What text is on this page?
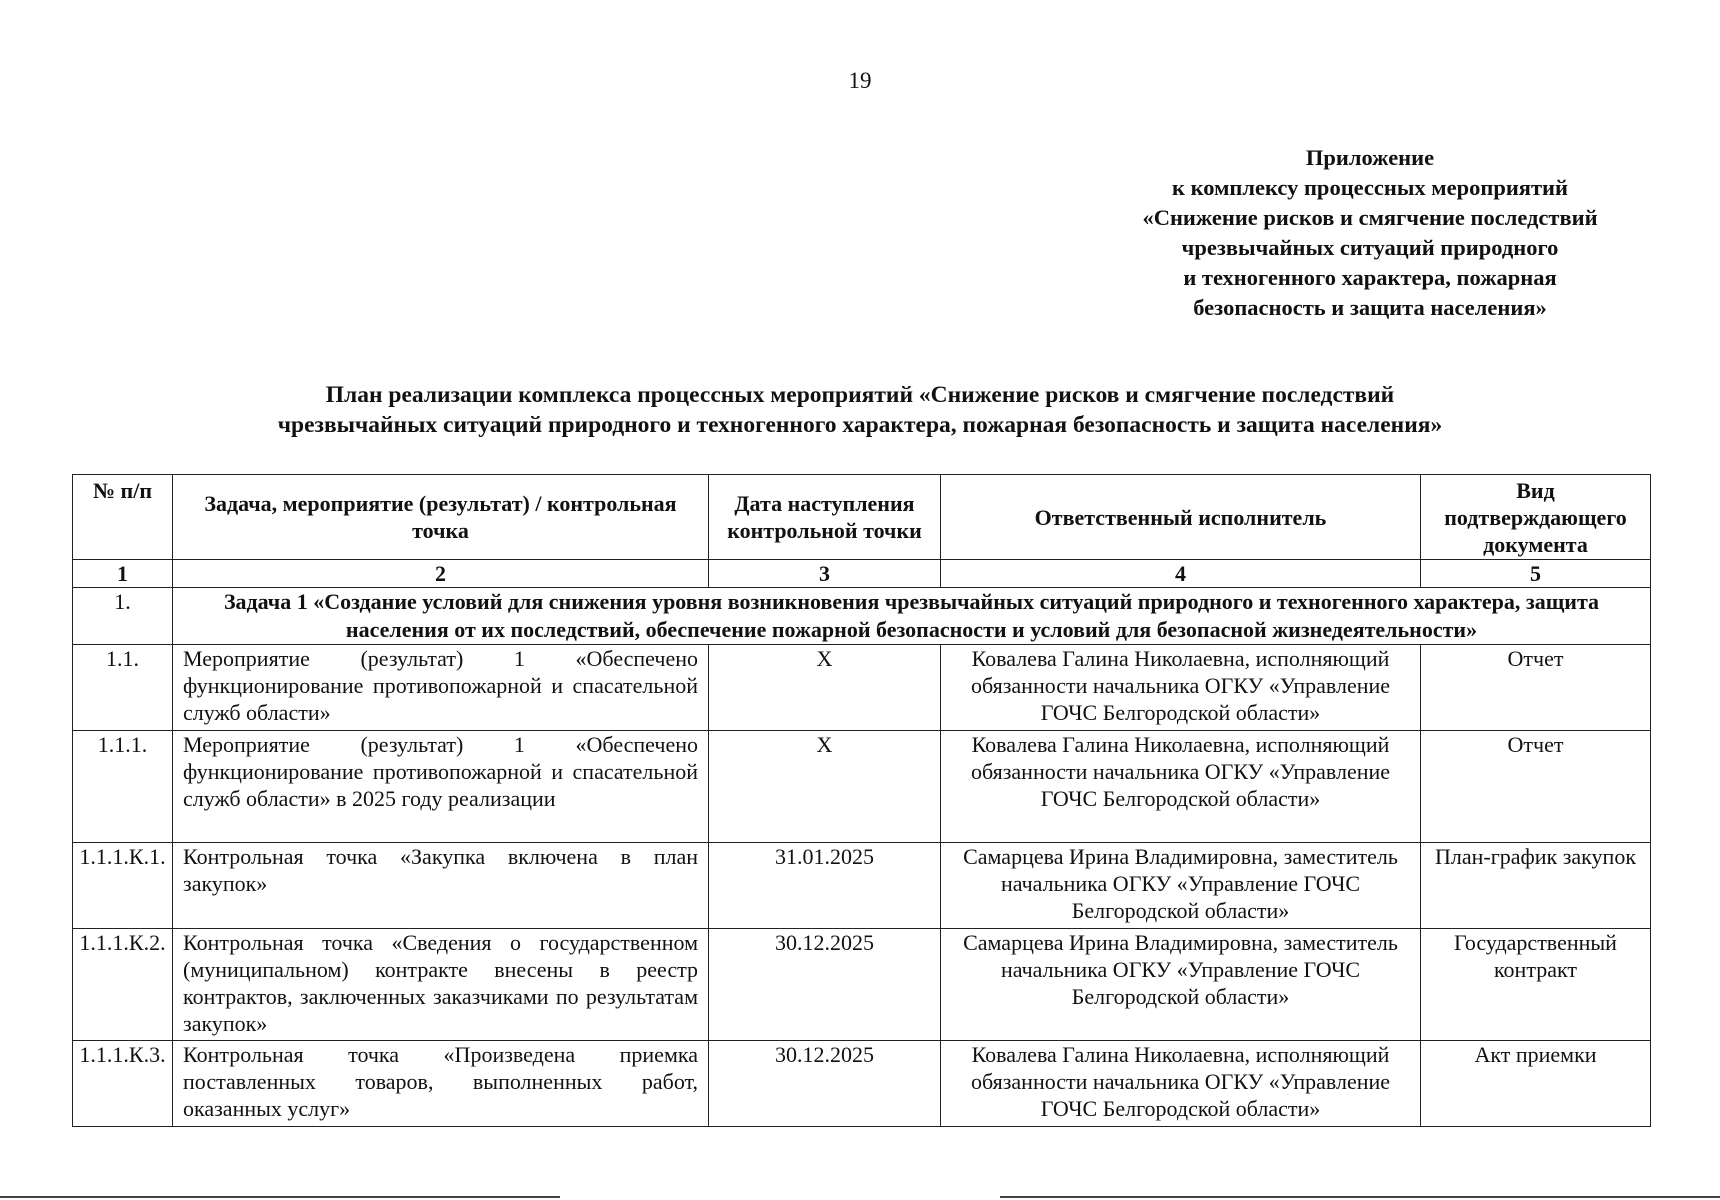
19
Приложение
к комплексу процессных мероприятий
«Снижение рисков и смягчение последствий
чрезвычайных ситуаций природного
и техногенного характера, пожарная
безопасность и защита населения»
План реализации комплекса процессных мероприятий «Снижение рисков и смягчение последствий
чрезвычайных ситуаций природного и техногенного характера, пожарная безопасность и защита населения»
№ п/п	Задача, мероприятие (результат) / контрольная точка	Дата наступления контрольной точки	Ответственный исполнитель	Вид подтверждающего документа
1	2	3	4	5
1.	Задача 1 «Создание условий для снижения уровня возникновения чрезвычайных ситуаций природного и техногенного характера, защита населения от их последствий, обеспечение пожарной безопасности и условий для безопасной жизнедеятельности»			
1.1.	Мероприятие (результат) 1 «Обеспечено функционирование противопожарной и спасательной служб области»	Х	Ковалева Галина Николаевна, исполняющий обязанности начальника ОГКУ «Управление ГОЧС Белгородской области»	Отчет
1.1.1.	Мероприятие (результат) 1 «Обеспечено функционирование противопожарной и спасательной служб области» в 2025 году реализации	Х	Ковалева Галина Николаевна, исполняющий обязанности начальника ОГКУ «Управление ГОЧС Белгородской области»	Отчет
1.1.1.К.1.	Контрольная точка «Закупка включена в план закупок»	31.01.2025	Самарцева Ирина Владимировна, заместитель начальника ОГКУ «Управление ГОЧС Белгородской области»	План-график закупок
1.1.1.К.2.	Контрольная точка «Сведения о государственном (муниципальном) контракте внесены в реестр контрактов, заключенных заказчиками по результатам закупок»	30.12.2025	Самарцева Ирина Владимировна, заместитель начальника ОГКУ «Управление ГОЧС Белгородской области»	Государственный контракт
1.1.1.К.3.	Контрольная точка «Произведена приемка поставленных товаров, выполненных работ, оказанных услуг»	30.12.2025	Ковалева Галина Николаевна, исполняющий обязанности начальника ОГКУ «Управление ГОЧС Белгородской области»	Акт приемки
